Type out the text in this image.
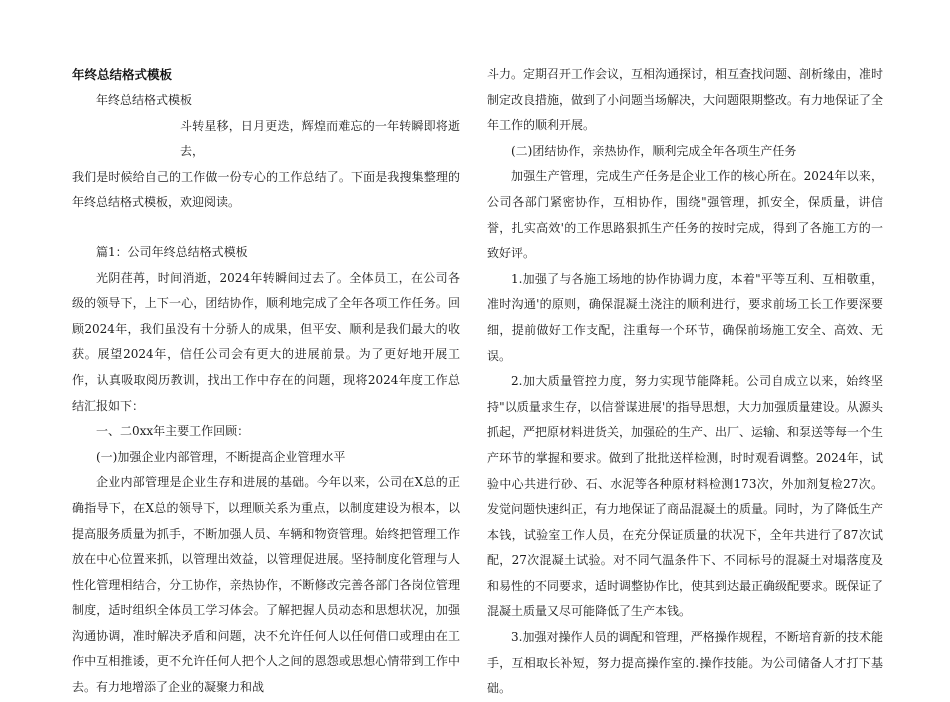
年终总结格式模板

年终总结格式模板

斗转星移，日月更迭，辉煌而难忘的一年转瞬即将逝去，

我们是时候给自己的工作做一份专心的工作总结了。下面是我搜集整理的年终总结格式模板，欢迎阅读。

篇1：公司年终总结格式模板

光阴荏苒，时间消逝，2024年转瞬间过去了。全体员工，在公司各级的领导下，上下一心，团结协作，顺利地完成了全年各项工作任务。回顾2024年，我们虽没有十分骄人的成果，但平安、顺利是我们最大的收获。展望2024年，信任公司会有更大的进展前景。为了更好地开展工作，认真吸取阅历教训，找出工作中存在的问题，现将2024年度工作总结汇报如下：

一、二0xx年主要工作回顾：

(一)加强企业内部管理，不断提高企业管理水平

企业内部管理是企业生存和进展的基础。今年以来，公司在X总的正确指导下，在X总的领导下，以理顺关系为重点，以制度建设为根本，以提高服务质量为抓手，不断加强人员、车辆和物资管理。始终把管理工作放在中心位置来抓，以管理出效益，以管理促进展。坚持制度化管理与人性化管理相结合，分工协作，亲热协作，不断修改完善各部门各岗位管理制度，适时组织全体员工学习体会。了解把握人员动态和思想状况，加强沟通协调，准时解决矛盾和问题，决不允许任何人以任何借口或理由在工作中互相推诿，更不允许任何人把个人之间的恩怨或思想心情带到工作中去。有力地增添了企业的凝聚力和战

斗力。定期召开工作会议，互相沟通探讨，相互查找问题、剖析缘由，准时制定改良措施，做到了小问题当场解决，大问题限期整改。有力地保证了全年工作的顺利开展。

(二)团结协作，亲热协作，顺利完成全年各项生产任务

加强生产管理，完成生产任务是企业工作的核心所在。2024年以来，公司各部门紧密协作，互相协作，围绕"强管理，抓安全，保质量，讲信誉，扎实高效'的工作思路狠抓生产任务的按时完成，得到了各施工方的一致好评。

1.加强了与各施工场地的协作协调力度，本着"平等互利、互相敬重，准时沟通'的原则，确保混凝土浇注的顺利进行，要求前场工长工作要深要细，提前做好工作支配，注重每一个环节，确保前场施工安全、高效、无误。

2.加大质量管控力度，努力实现节能降耗。公司自成立以来，始终坚持"以质量求生存，以信誉谋进展'的指导思想，大力加强质量建设。从源头抓起，严把原材料进货关，加强砼的生产、出厂、运输、和泵送等每一个生产环节的掌握和要求。做到了批批送样检测，时时观看调整。2024年，试验中心共进行砂、石、水泥等各种原材料检测173次，外加剂复检27次。发觉问题快速纠正，有力地保证了商品混凝土的质量。同时，为了降低生产本钱，试验室工作人员，在充分保证质量的状况下，全年共进行了87次试配，27次混凝土试验。对不同气温条件下、不同标号的混凝土对塌落度及和易性的不同要求，适时调整协作比，使其到达最正确级配要求。既保证了混凝土质量又尽可能降低了生产本钱。

3.加强对操作人员的调配和管理，严格操作规程，不断培育新的技术能手，互相取长补短，努力提高操作室的.操作技能。为公司储备人才打下基础。
